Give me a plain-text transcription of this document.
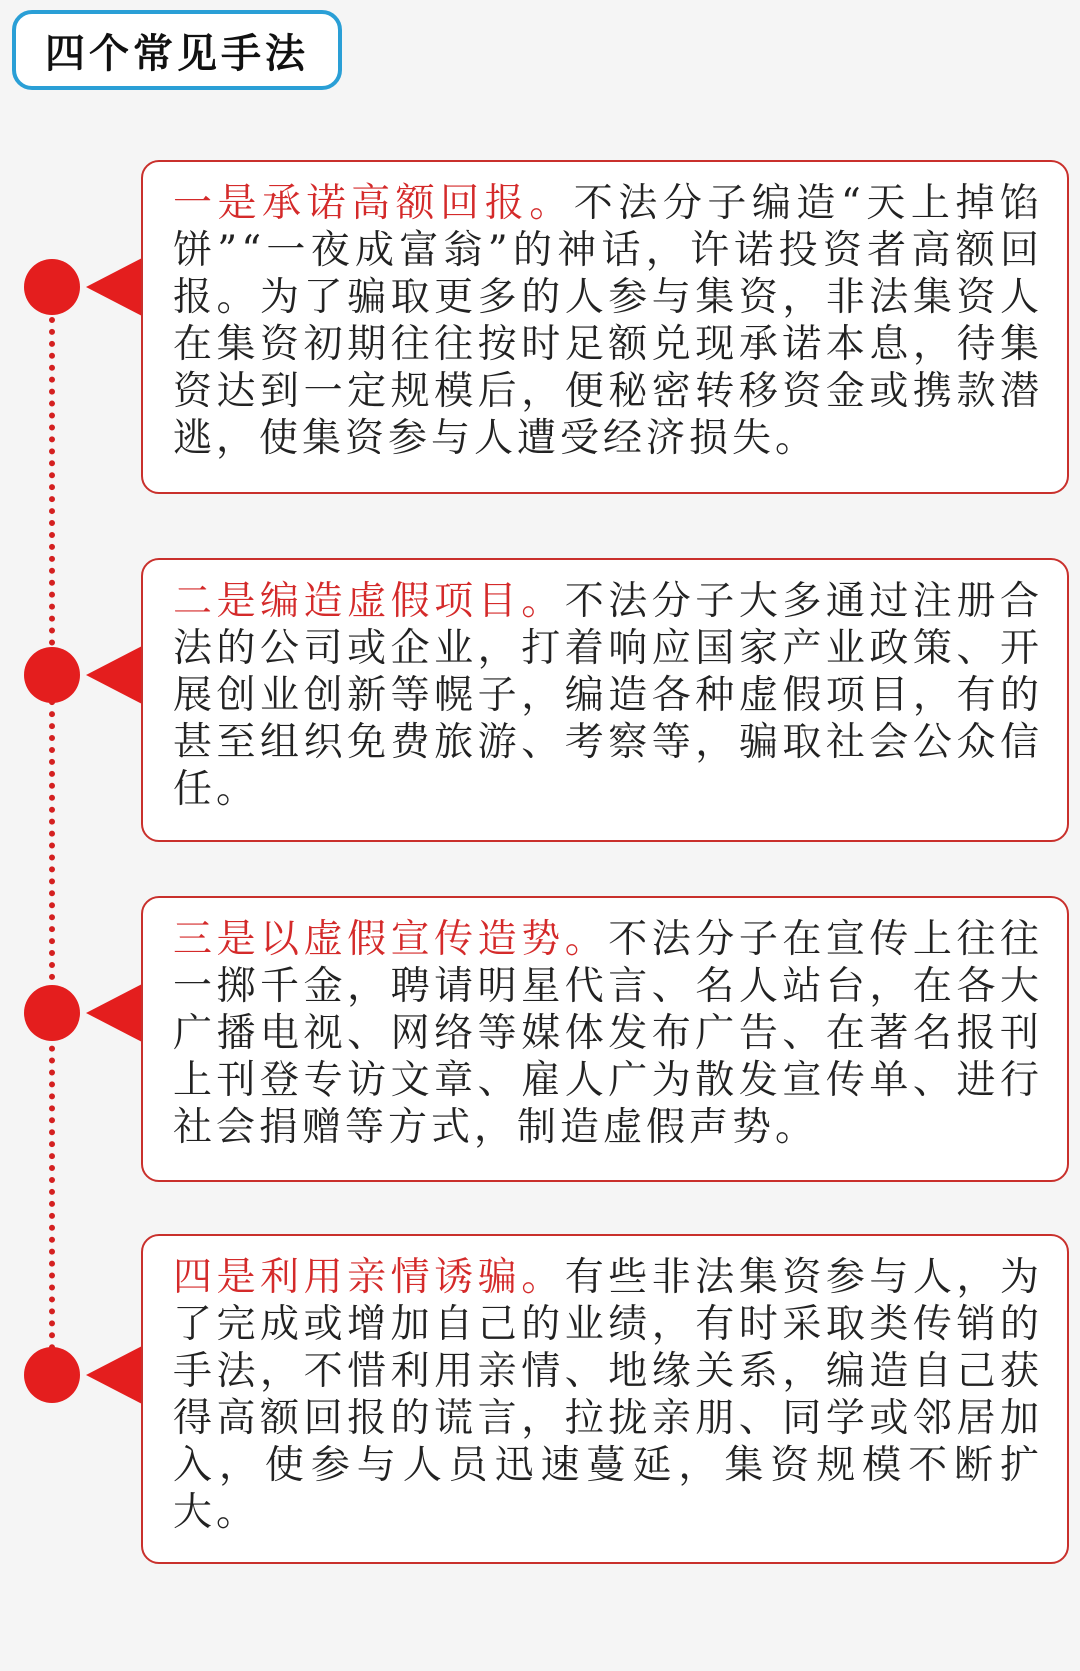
四个常见手法

一是承诺高额回报。不法分子编造“天上掉馅饼”“一夜成富翁”的神话，许诺投资者高额回报。为了骗取更多的人参与集资，非法集资人在集资初期往往按时足额兑现承诺本息，待集资达到一定规模后，便秘密转移资金或携款潜逃，使集资参与人遭受经济损失。

二是编造虚假项目。不法分子大多通过注册合法的公司或企业，打着响应国家产业政策、开展创业创新等幌子，编造各种虚假项目，有的甚至组织免费旅游、考察等，骗取社会公众信任。

三是以虚假宣传造势。不法分子在宣传上往往一掷千金，聘请明星代言、名人站台，在各大广播电视、网络等媒体发布广告、在著名报刊上刊登专访文章、雇人广为散发宣传单、进行社会捐赠等方式，制造虚假声势。

四是利用亲情诱骗。有些非法集资参与人，为了完成或增加自己的业绩，有时采取类传销的手法，不惜利用亲情、地缘关系，编造自己获得高额回报的谎言，拉拢亲朋、同学或邻居加入，使参与人员迅速蔓延，集资规模不断扩大。
